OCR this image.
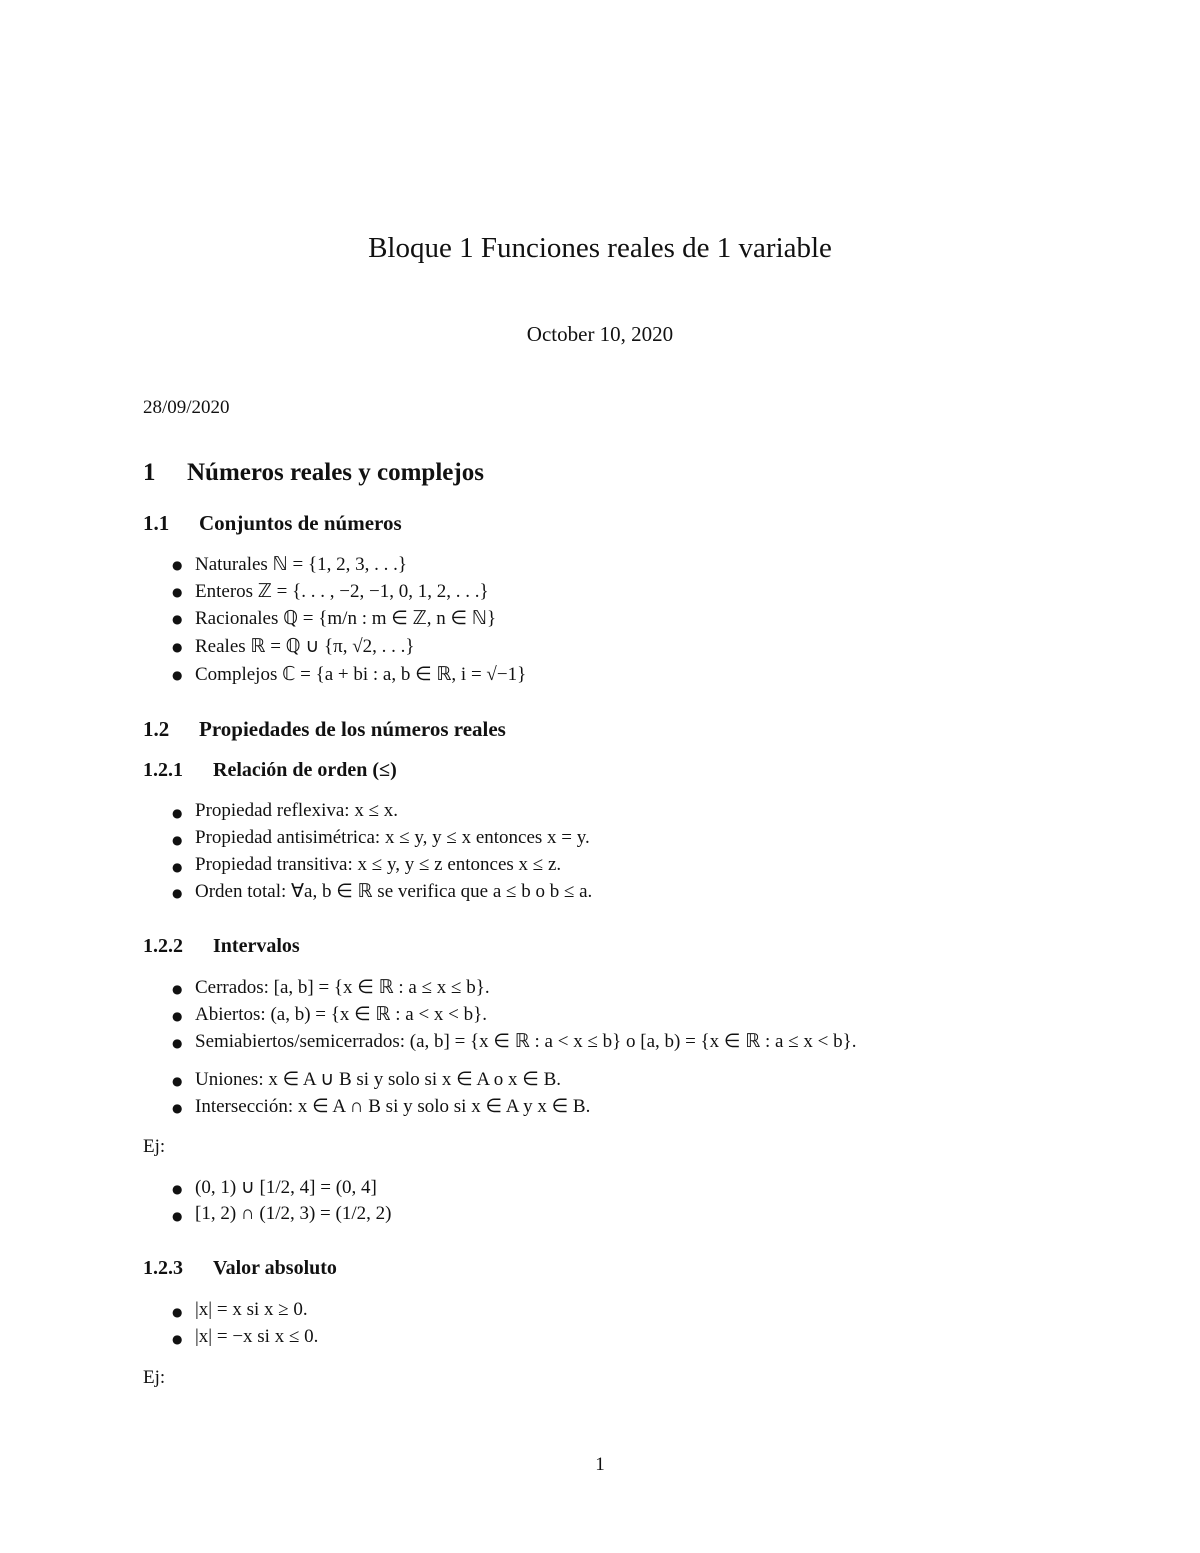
Bloque 1 Funciones reales de 1 variable
October 10, 2020
28/09/2020
1 Números reales y complejos
1.1 Conjuntos de números
● Naturales ℕ = {1, 2, 3, . . .}
● Enteros ℤ = {. . . , −2, −1, 0, 1, 2, . . .}
● Racionales ℚ = {m/n : m ∈ ℤ, n ∈ ℕ}
● Reales ℝ = ℚ ∪ {π, √2, . . .}
● Complejos ℂ = {a + bi : a, b ∈ ℝ, i = √−1}
1.2 Propiedades de los números reales
1.2.1 Relación de orden (≤)
● Propiedad reflexiva: x ≤ x.
● Propiedad antisimétrica: x ≤ y, y ≤ x entonces x = y.
● Propiedad transitiva: x ≤ y, y ≤ z entonces x ≤ z.
● Orden total: ∀a, b ∈ ℝ se verifica que a ≤ b o b ≤ a.
1.2.2 Intervalos
● Cerrados: [a, b] = {x ∈ ℝ : a ≤ x ≤ b}.
● Abiertos: (a, b) = {x ∈ ℝ : a < x < b}.
● Semiabiertos/semicerrados: (a, b] = {x ∈ ℝ : a < x ≤ b} o [a, b) = {x ∈ ℝ : a ≤ x < b}.
● Uniones: x ∈ A ∪ B si y solo si x ∈ A o x ∈ B.
● Intersección: x ∈ A ∩ B si y solo si x ∈ A y x ∈ B.
Ej:
● (0, 1) ∪ [1/2, 4] = (0, 4]
● [1, 2) ∩ (1/2, 3) = (1/2, 2)
1.2.3 Valor absoluto
● |x| = x si x ≥ 0.
● |x| = −x si x ≤ 0.
Ej:
1
